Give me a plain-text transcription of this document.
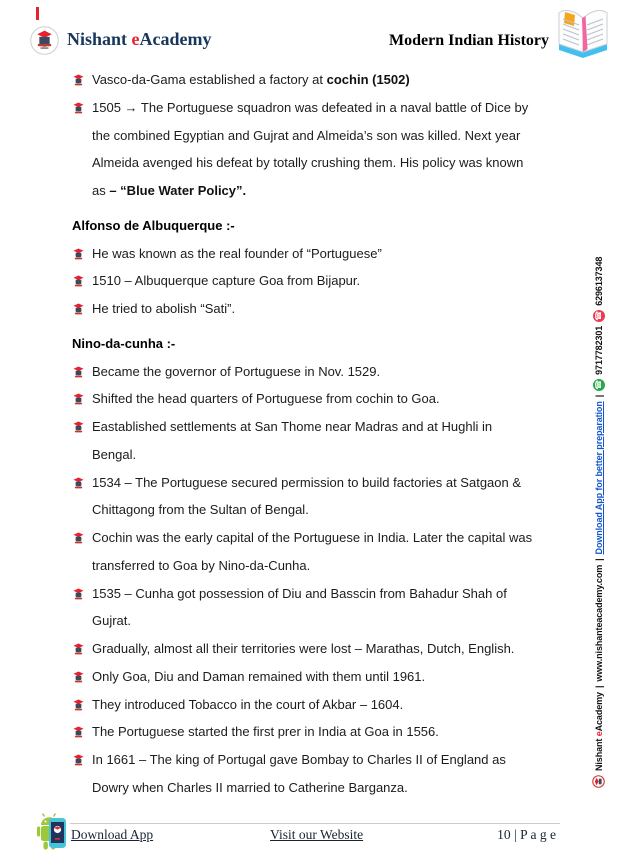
Nishant eAcademy	Modern Indian History
Vasco-da-Gama established a factory at cochin (1502)
1505 → The Portuguese squadron was defeated in a naval battle of Dice by
the combined Egyptian and Gujrat and Almeida’s son was killed. Next year
Almeida avenged his defeat by totally crushing them. His policy was known
as – “Blue Water Policy”.
Alfonso de Albuquerque :-
He was known as the real founder of “Portuguese”
1510 – Albuquerque capture Goa from Bijapur.
He tried to abolish “Sati”.
Nino-da-cunha :-
Became the governor of Portuguese in Nov. 1529.
Shifted the head quarters of Portuguese from cochin to Goa.
Eastablished settlements at San Thome near Madras and at Hughli in
Bengal.
1534 – The Portuguese secured permission to build factories at Satgaon &
Chittagong from the Sultan of Bengal.
Cochin was the early capital of the Portuguese in India. Later the capital was
transferred to Goa by Nino-da-Cunha.
1535 – Cunha got possession of Diu and Basscin from Bahadur Shah of
Gujrat.
Gradually, almost all their territories were lost – Marathas, Dutch, English.
Only Goa, Diu and Daman remained with them until 1961.
They introduced Tobacco in the court of Akbar – 1604.
The Portuguese started the first prer in India at Goa in 1556.
In 1661 – The king of Portugal gave Bombay to Charles II of England as
Dowry when Charles II married to Catherine Barganza.
Nishant eAcademy
|
www.nishanteacademy.com
|
Download App for better preparation
|
☎
9717782301
☎
6296137348
Download App	Visit our Website	10 | P a g e
